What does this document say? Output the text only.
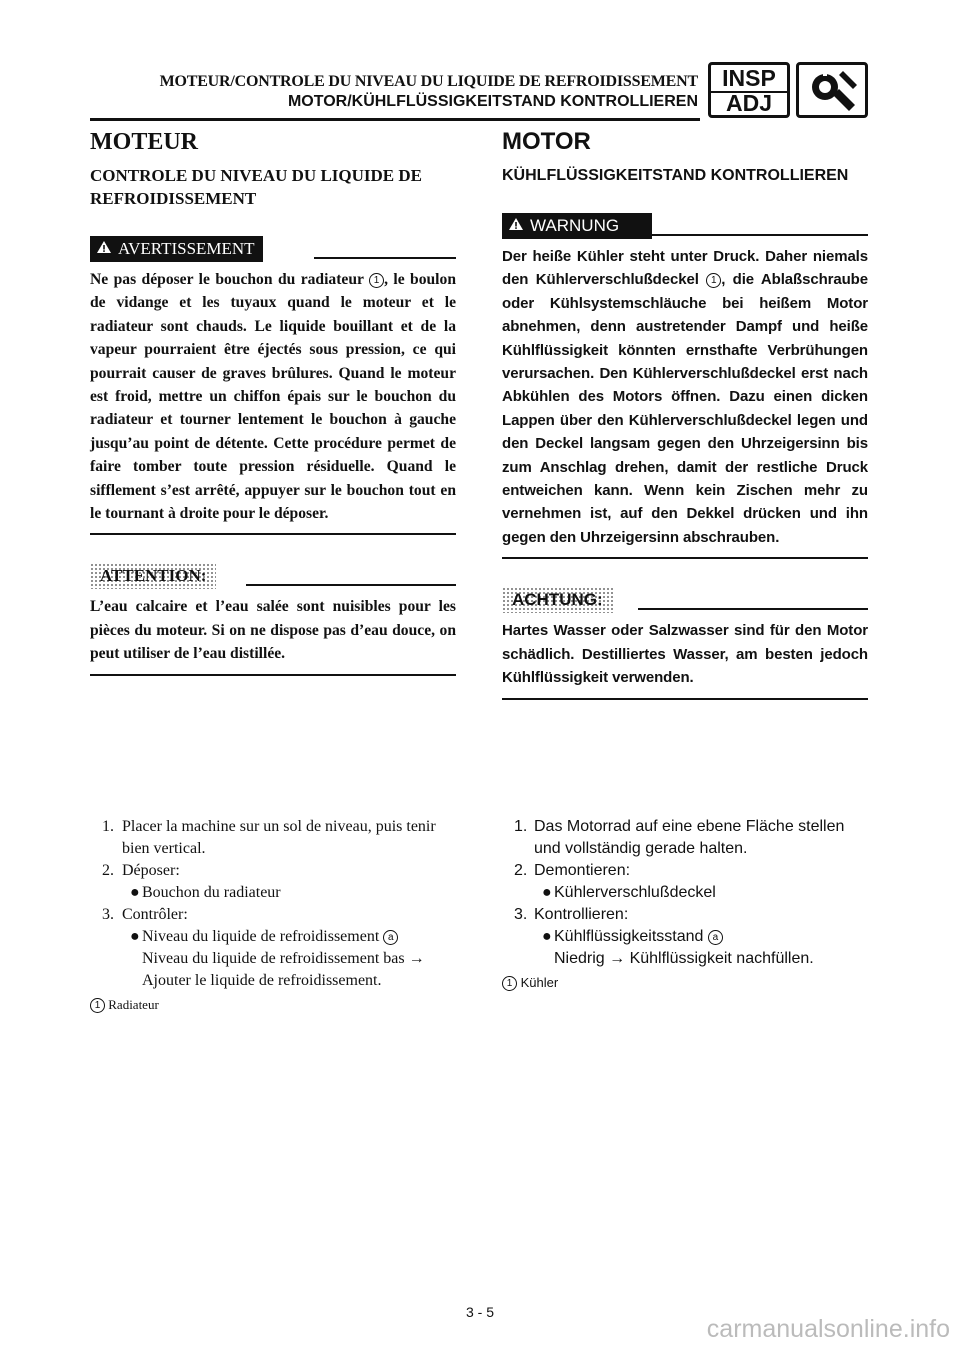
MOTEUR/CONTROLE DU NIVEAU DU LIQUIDE DE REFROIDISSEMENT
MOTOR/KÜHLFLÜSSIGKEITSTAND KONTROLLIEREN
INSP
ADJ
MOTEUR
CONTROLE DU NIVEAU DU LIQUIDE DE REFROIDISSEMENT
AVERTISSEMENT
Ne pas déposer le bouchon du radiateur 1 , le boulon de vidange et les tuyaux quand le moteur et le radiateur sont chauds. Le liquide bouillant et de la vapeur pourraient être éjectés sous pression, ce qui pourrait causer de graves brûlures. Quand le moteur est froid, mettre un chiffon épais sur le bouchon du radiateur et tourner lentement le bouchon à gauche jusqu’au point de détente. Cette procédure permet de faire tomber toute pression résiduelle. Quand le sifflement s’est arrêté, appuyer sur le bouchon tout en le tournant à droite pour le déposer.
ATTENTION:
L’eau calcaire et l’eau salée sont nuisibles pour les pièces du moteur. Si on ne dispose pas d’eau douce, on peut utiliser de l’eau distillée.
1. Placer la machine sur un sol de niveau, puis tenir bien vertical.
2. Déposer:
● Bouchon du radiateur
3. Contrôler:
● Niveau du liquide de refroidissement a
Niveau du liquide de refroidissement bas →
Ajouter le liquide de refroidissement.
1 Radiateur
MOTOR
KÜHLFLÜSSIGKEITSTAND KONTROLLIEREN
WARNUNG
Der heiße Kühler steht unter Druck. Daher niemals den Kühlerverschlußdeckel 1 , die Ablaßschraube oder Kühlsystemschläuche bei heißem Motor abnehmen, denn austretender Dampf und heiße Kühlflüssigkeit könnten ernsthafte Verbrühungen verursachen. Den Kühlerverschlußdeckel erst nach Abkühlen des Motors öffnen. Dazu einen dicken Lappen über den Kühlerverschlußdeckel legen und den Deckel langsam gegen den Uhrzeigersinn bis zum Anschlag drehen, damit der restliche Druck entweichen kann. Wenn kein Zischen mehr zu vernehmen ist, auf den Dekkel drücken und ihn gegen den Uhrzeigersinn abschrauben.
ACHTUNG:
Hartes Wasser oder Salzwasser sind für den Motor schädlich. Destilliertes Wasser, am besten jedoch Kühlflüssigkeit verwenden.
1. Das Motorrad auf eine ebene Fläche stellen und vollständig gerade halten.
2. Demontieren:
● Kühlerverschlußdeckel
3. Kontrollieren:
● Kühlflüssigkeitsstand a
Niedrig → Kühlflüssigkeit nachfüllen.
1 Kühler
3 - 5
carmanualsonline.info
